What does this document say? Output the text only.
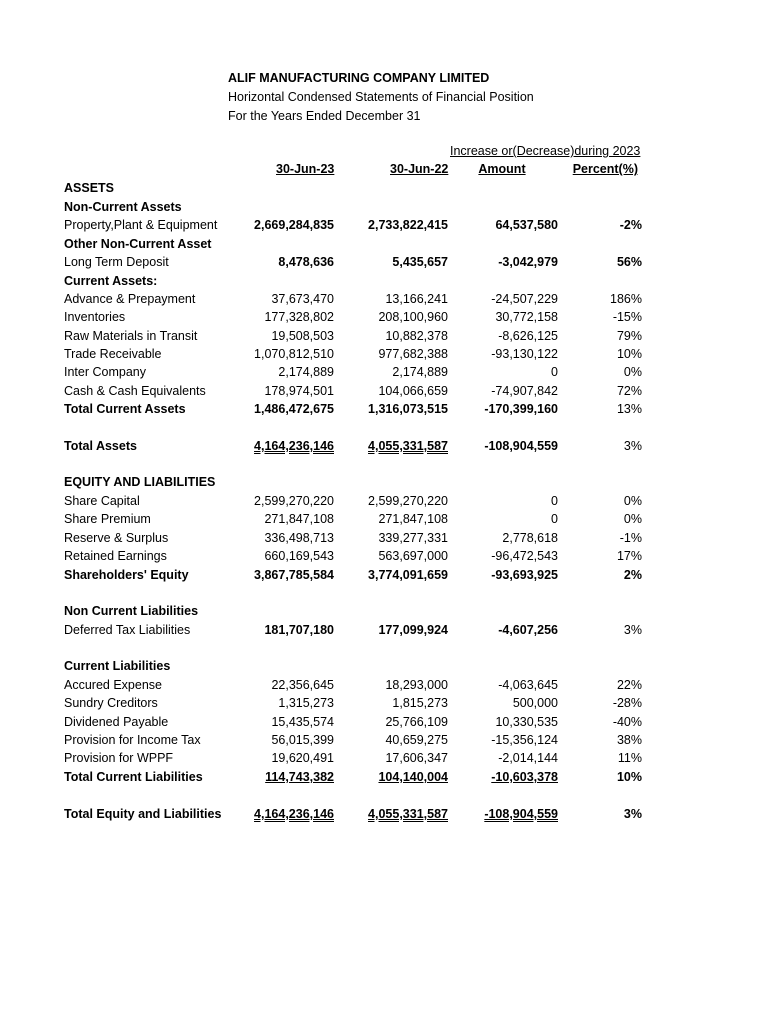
ALIF MANUFACTURING COMPANY LIMITED
Horizontal Condensed Statements of Financial Position
For the Years Ended December 31
Increase or(Decrease)during 2023
30-Jun-23	30-Jun-22	Amount	Percent(%)
ASSETS
Non-Current Assets
Property,Plant & Equipment	2,669,284,835	2,733,822,415	64,537,580	-2%
Other Non-Current Asset
Long Term Deposit	8,478,636	5,435,657	-3,042,979	56%
Current Assets:
Advance & Prepayment	37,673,470	13,166,241	-24,507,229	186%
Inventories	177,328,802	208,100,960	30,772,158	-15%
Raw Materials in Transit	19,508,503	10,882,378	-8,626,125	79%
Trade Receivable	1,070,812,510	977,682,388	-93,130,122	10%
Inter Company	2,174,889	2,174,889	0	0%
Cash & Cash Equivalents	178,974,501	104,066,659	-74,907,842	72%
Total Current Assets	1,486,472,675	1,316,073,515	-170,399,160	13%
Total Assets	4,164,236,146	4,055,331,587	-108,904,559	3%
EQUITY AND LIABILITIES
Share Capital	2,599,270,220	2,599,270,220	0	0%
Share Premium	271,847,108	271,847,108	0	0%
Reserve & Surplus	336,498,713	339,277,331	2,778,618	-1%
Retained Earnings	660,169,543	563,697,000	-96,472,543	17%
Shareholders' Equity	3,867,785,584	3,774,091,659	-93,693,925	2%
Non Current Liabilities
Deferred Tax Liabilities	181,707,180	177,099,924	-4,607,256	3%
Current Liabilities
Accured Expense	22,356,645	18,293,000	-4,063,645	22%
Sundry Creditors	1,315,273	1,815,273	500,000	-28%
Dividened Payable	15,435,574	25,766,109	10,330,535	-40%
Provision for Income Tax	56,015,399	40,659,275	-15,356,124	38%
Provision for WPPF	19,620,491	17,606,347	-2,014,144	11%
Total Current Liabilities	114,743,382	104,140,004	-10,603,378	10%
Total Equity and Liabilities	4,164,236,146	4,055,331,587	-108,904,559	3%
